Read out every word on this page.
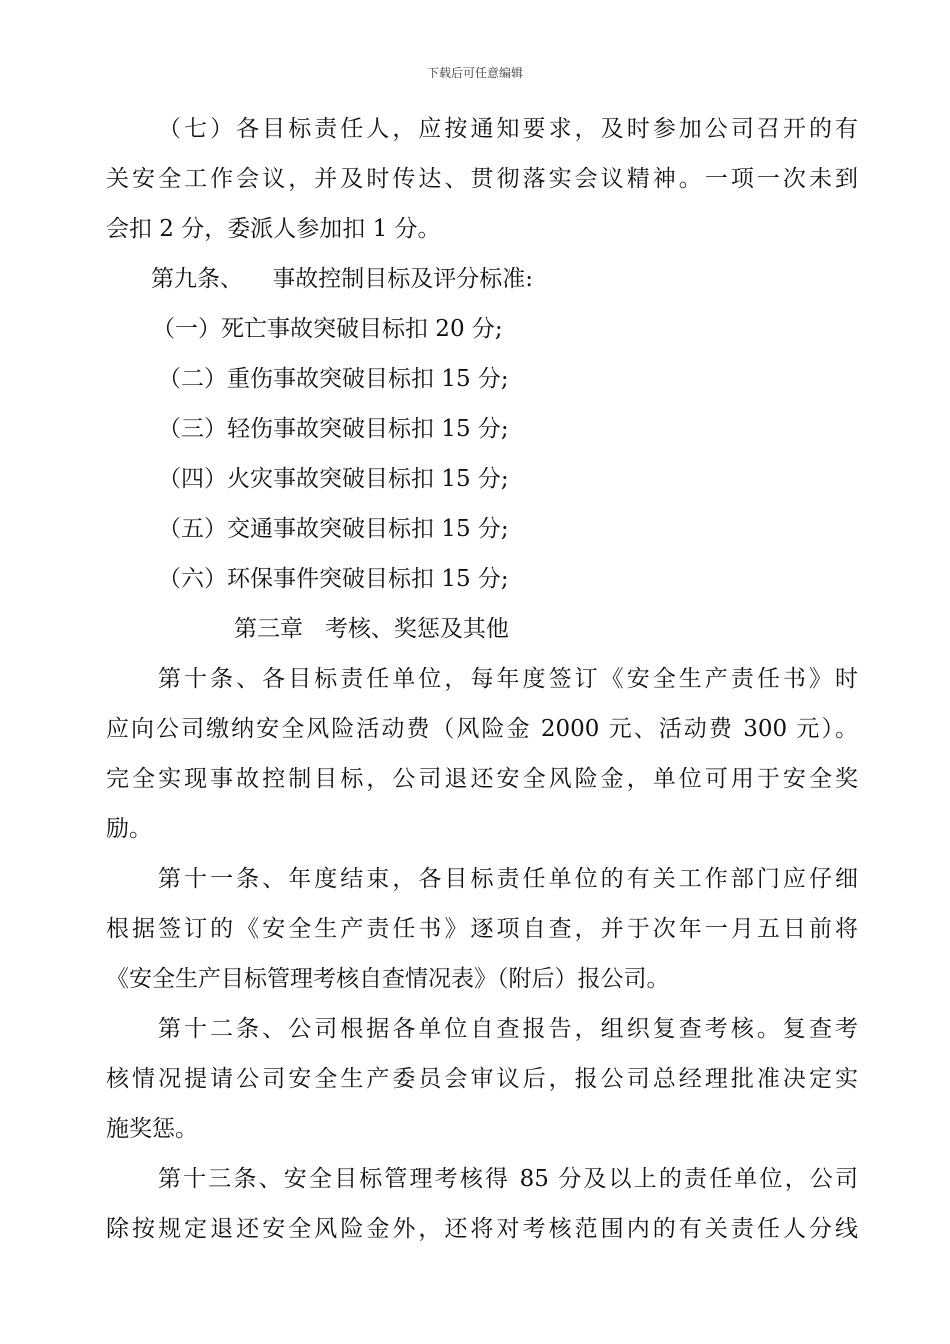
下载后可任意编辑
（七）各目标责任人，应按通知要求，及时参加公司召开的有
关安全工作会议，并及时传达、贯彻落实会议精神。一项一次未到
会扣 2 分，委派人参加扣 1 分。
第九条、    事故控制目标及评分标准:
（一）死亡事故突破目标扣 20 分;
（二）重伤事故突破目标扣 15 分;
（三）轻伤事故突破目标扣 15 分;
（四）火灾事故突破目标扣 15 分;
（五）交通事故突破目标扣 15 分;
（六）环保事件突破目标扣 15 分;
第三章   考核、奖惩及其他
第十条、各目标责任单位，每年度签订《安全生产责任书》时
应向公司缴纳安全风险活动费（风险金 2000 元、活动费 300 元）。
完全实现事故控制目标，公司退还安全风险金，单位可用于安全奖
励。
第十一条、年度结束，各目标责任单位的有关工作部门应仔细
根据签订的《安全生产责任书》逐项自查，并于次年一月五日前将
《安全生产目标管理考核自查情况表》（附后）报公司。
第十二条、公司根据各单位自查报告，组织复查考核。复查考
核情况提请公司安全生产委员会审议后，报公司总经理批准决定实
施奖惩。
第十三条、安全目标管理考核得 85 分及以上的责任单位，公司
除按规定退还安全风险金外，还将对考核范围内的有关责任人分线
